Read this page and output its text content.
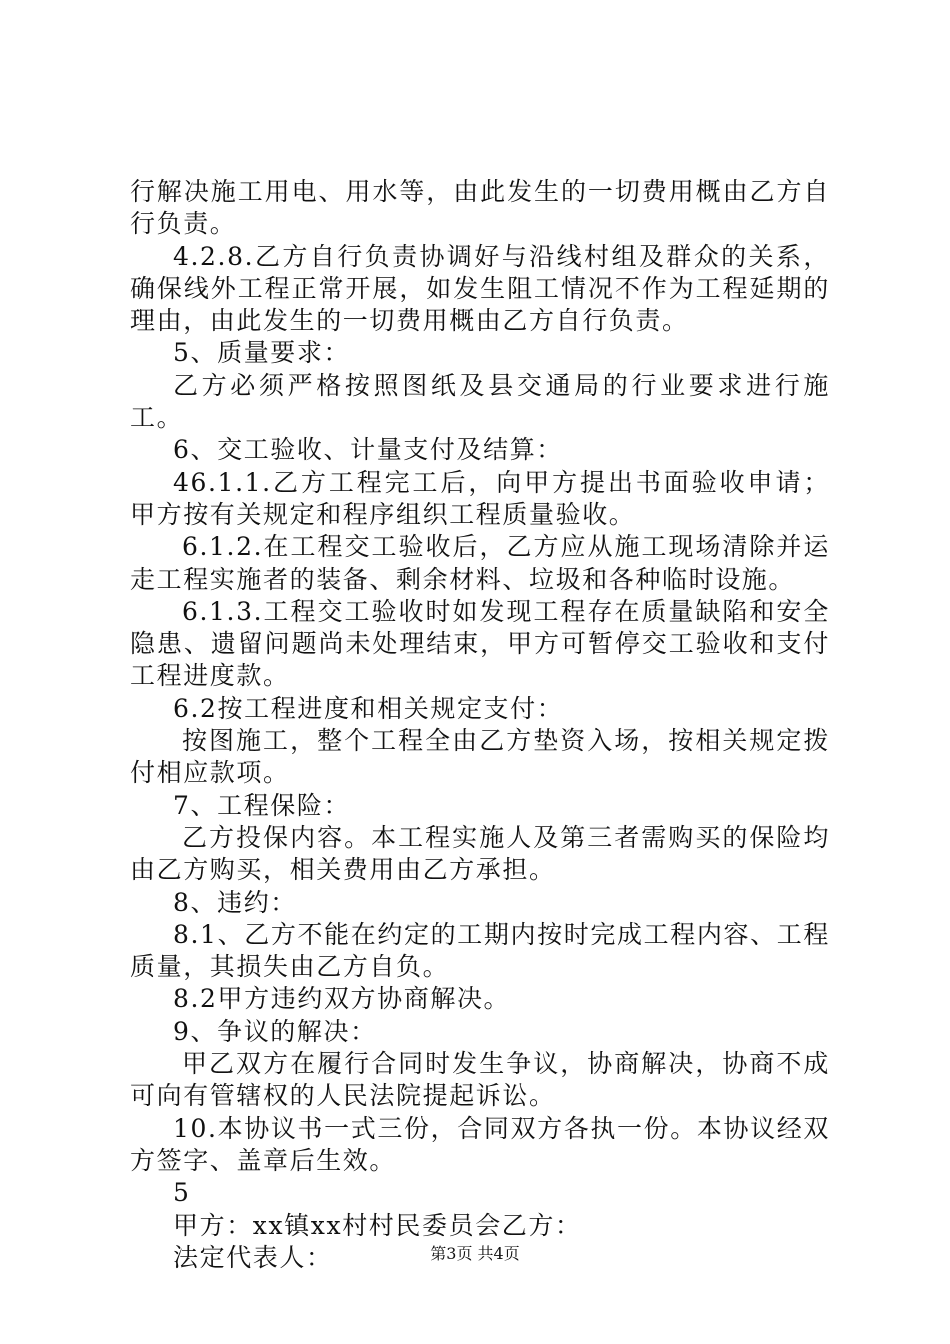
行解决施工用电、用水等，由此发生的一切费用概由乙方自行负责。

4.2.8.乙方自行负责协调好与沿线村组及群众的关系，确保线外工程正常开展，如发生阻工情况不作为工程延期的理由，由此发生的一切费用概由乙方自行负责。

5、质量要求：

乙方必须严格按照图纸及县交通局的行业要求进行施工。

6、交工验收、计量支付及结算：

46.1.1.乙方工程完工后，向甲方提出书面验收申请；甲方按有关规定和程序组织工程质量验收。

6.1.2.在工程交工验收后，乙方应从施工现场清除并运走工程实施者的装备、剩余材料、垃圾和各种临时设施。

6.1.3.工程交工验收时如发现工程存在质量缺陷和安全隐患、遗留问题尚未处理结束，甲方可暂停交工验收和支付工程进度款。

6.2按工程进度和相关规定支付：

按图施工，整个工程全由乙方垫资入场，按相关规定拨付相应款项。

7、工程保险：

乙方投保内容。本工程实施人及第三者需购买的保险均由乙方购买，相关费用由乙方承担。

8、违约：

8.1、乙方不能在约定的工期内按时完成工程内容、工程质量，其损失由乙方自负。

8.2甲方违约双方协商解决。

9、争议的解决：

甲乙双方在履行合同时发生争议，协商解决，协商不成可向有管辖权的人民法院提起诉讼。

10.本协议书一式三份，合同双方各执一份。本协议经双方签字、盖章后生效。

5

甲方：xx镇xx村村民委员会乙方：

法定代表人：	第3页 共4页
